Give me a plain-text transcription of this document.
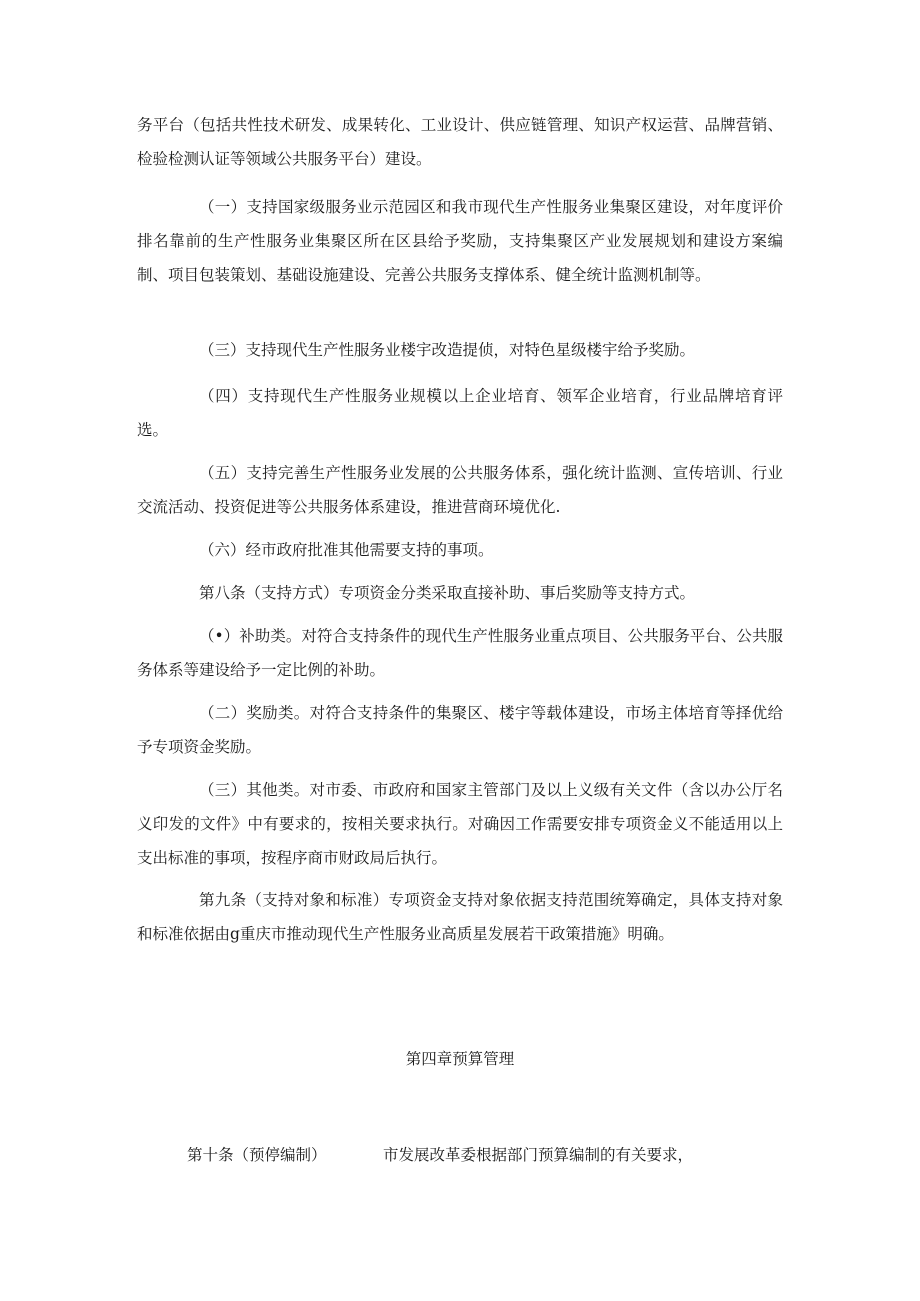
务平台（包括共性技术研发、成果转化、工业设计、供应链管理、知识产权运营、品牌营销、检验检测认证等领域公共服务平台）建设。

（一）支持国家级服务业示范园区和我市现代生产性服务业集聚区建设，对年度评价排名靠前的生产性服务业集聚区所在区县给予奖励，支持集聚区产业发展规划和建设方案编制、项目包装策划、基础设施建设、完善公共服务支撑体系、健全统计监测机制等。

（三）支持现代生产性服务业楼宇改造提侦，对特色星级楼宇给予奖励。

（四）支持现代生产性服务业规模以上企业培育、领军企业培育，行业品牌培育评选。

（五）支持完善生产性服务业发展的公共服务体系，强化统计监测、宣传培训、行业交流活动、投资促进等公共服务体系建设，推进营商环境优化.

（六）经市政府批准其他需要支持的事项。

第八条（支持方式）专项资金分类采取直接补助、事后奖励等支持方式。

（•）补助类。对符合支持条件的现代生产性服务业重点项目、公共服务平台、公共服务体系等建设给予一定比例的补助。

（二）奖励类。对符合支持条件的集聚区、楼宇等载体建设，市场主体培育等择优给予专项资金奖励。

（三）其他类。对市委、市政府和国家主管部门及以上义级有关文件（含以办公厅名义印发的文件》中有要求的，按相关要求执行。对确因工作需要安排专项资金义不能适用以上支出标准的事项，按程序商市财政局后执行。

第九条（支持对象和标准）专项资金支持对象依据支持范围统筹确定，具体支持对象和标准依据由g重庆市推动现代生产性服务业高质星发展若干政策措施》明确。

第四章预算管理

第十条（预停编制）	市发展改革委根据部门预算编制的有关要求，
